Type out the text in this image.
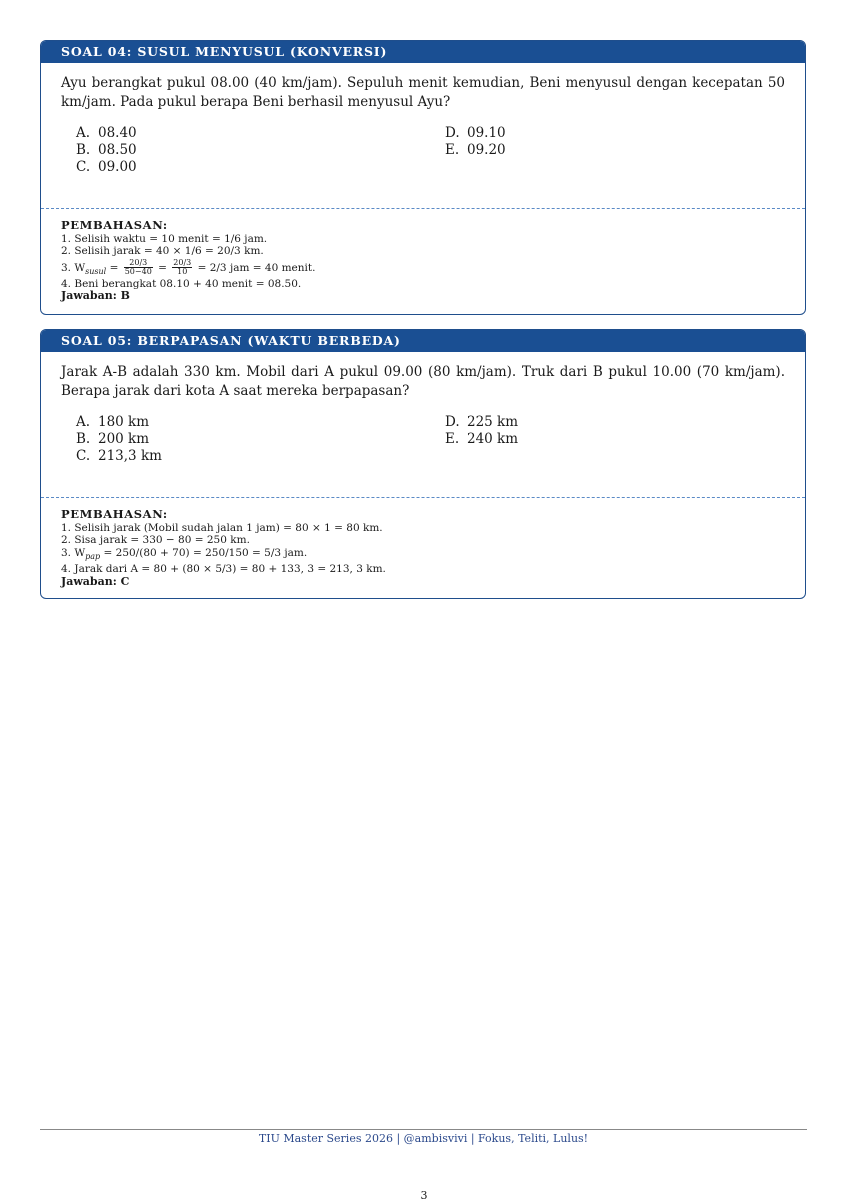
SOAL 04: SUSUL MENYUSUL (KONVERSI)
Ayu berangkat pukul 08.00 (40 km/jam). Sepuluh menit kemudian, Beni menyusul dengan kecepatan 50 km/jam. Pada pukul berapa Beni berhasil menyusul Ayu?
A. 08.40
B. 08.50
C. 09.00
D. 09.10
E. 09.20
PEMBAHASAN:
1. Selisih waktu = 10 menit = 1/6 jam.
2. Selisih jarak = 40 × 1/6 = 20/3 km.
3. $W_{susul} = \frac{20/3}{50-40} = \frac{20/3}{10} = 2/3$ jam = 40 menit.
4. Beni berangkat 08.10 + 40 menit = 08.50.
Jawaban: B
SOAL 05: BERPAPASAN (WAKTU BERBEDA)
Jarak A-B adalah 330 km. Mobil dari A pukul 09.00 (80 km/jam). Truk dari B pukul 10.00 (70 km/jam). Berapa jarak dari kota A saat mereka berpapasan?
A. 180 km
B. 200 km
C. 213,3 km
D. 225 km
E. 240 km
PEMBAHASAN:
1. Selisih jarak (Mobil sudah jalan 1 jam) = 80 × 1 = 80 km.
2. Sisa jarak = 330 − 80 = 250 km.
3. $W_{pap} = 250/(80 + 70) = 250/150 = 5/3$ jam.
4. Jarak dari A = 80 + (80 × 5/3) = 80 + 133, 3 = 213, 3 km.
Jawaban: C
TIU Master Series 2026 | @ambisvivi | Fokus, Teliti, Lulus!
3
